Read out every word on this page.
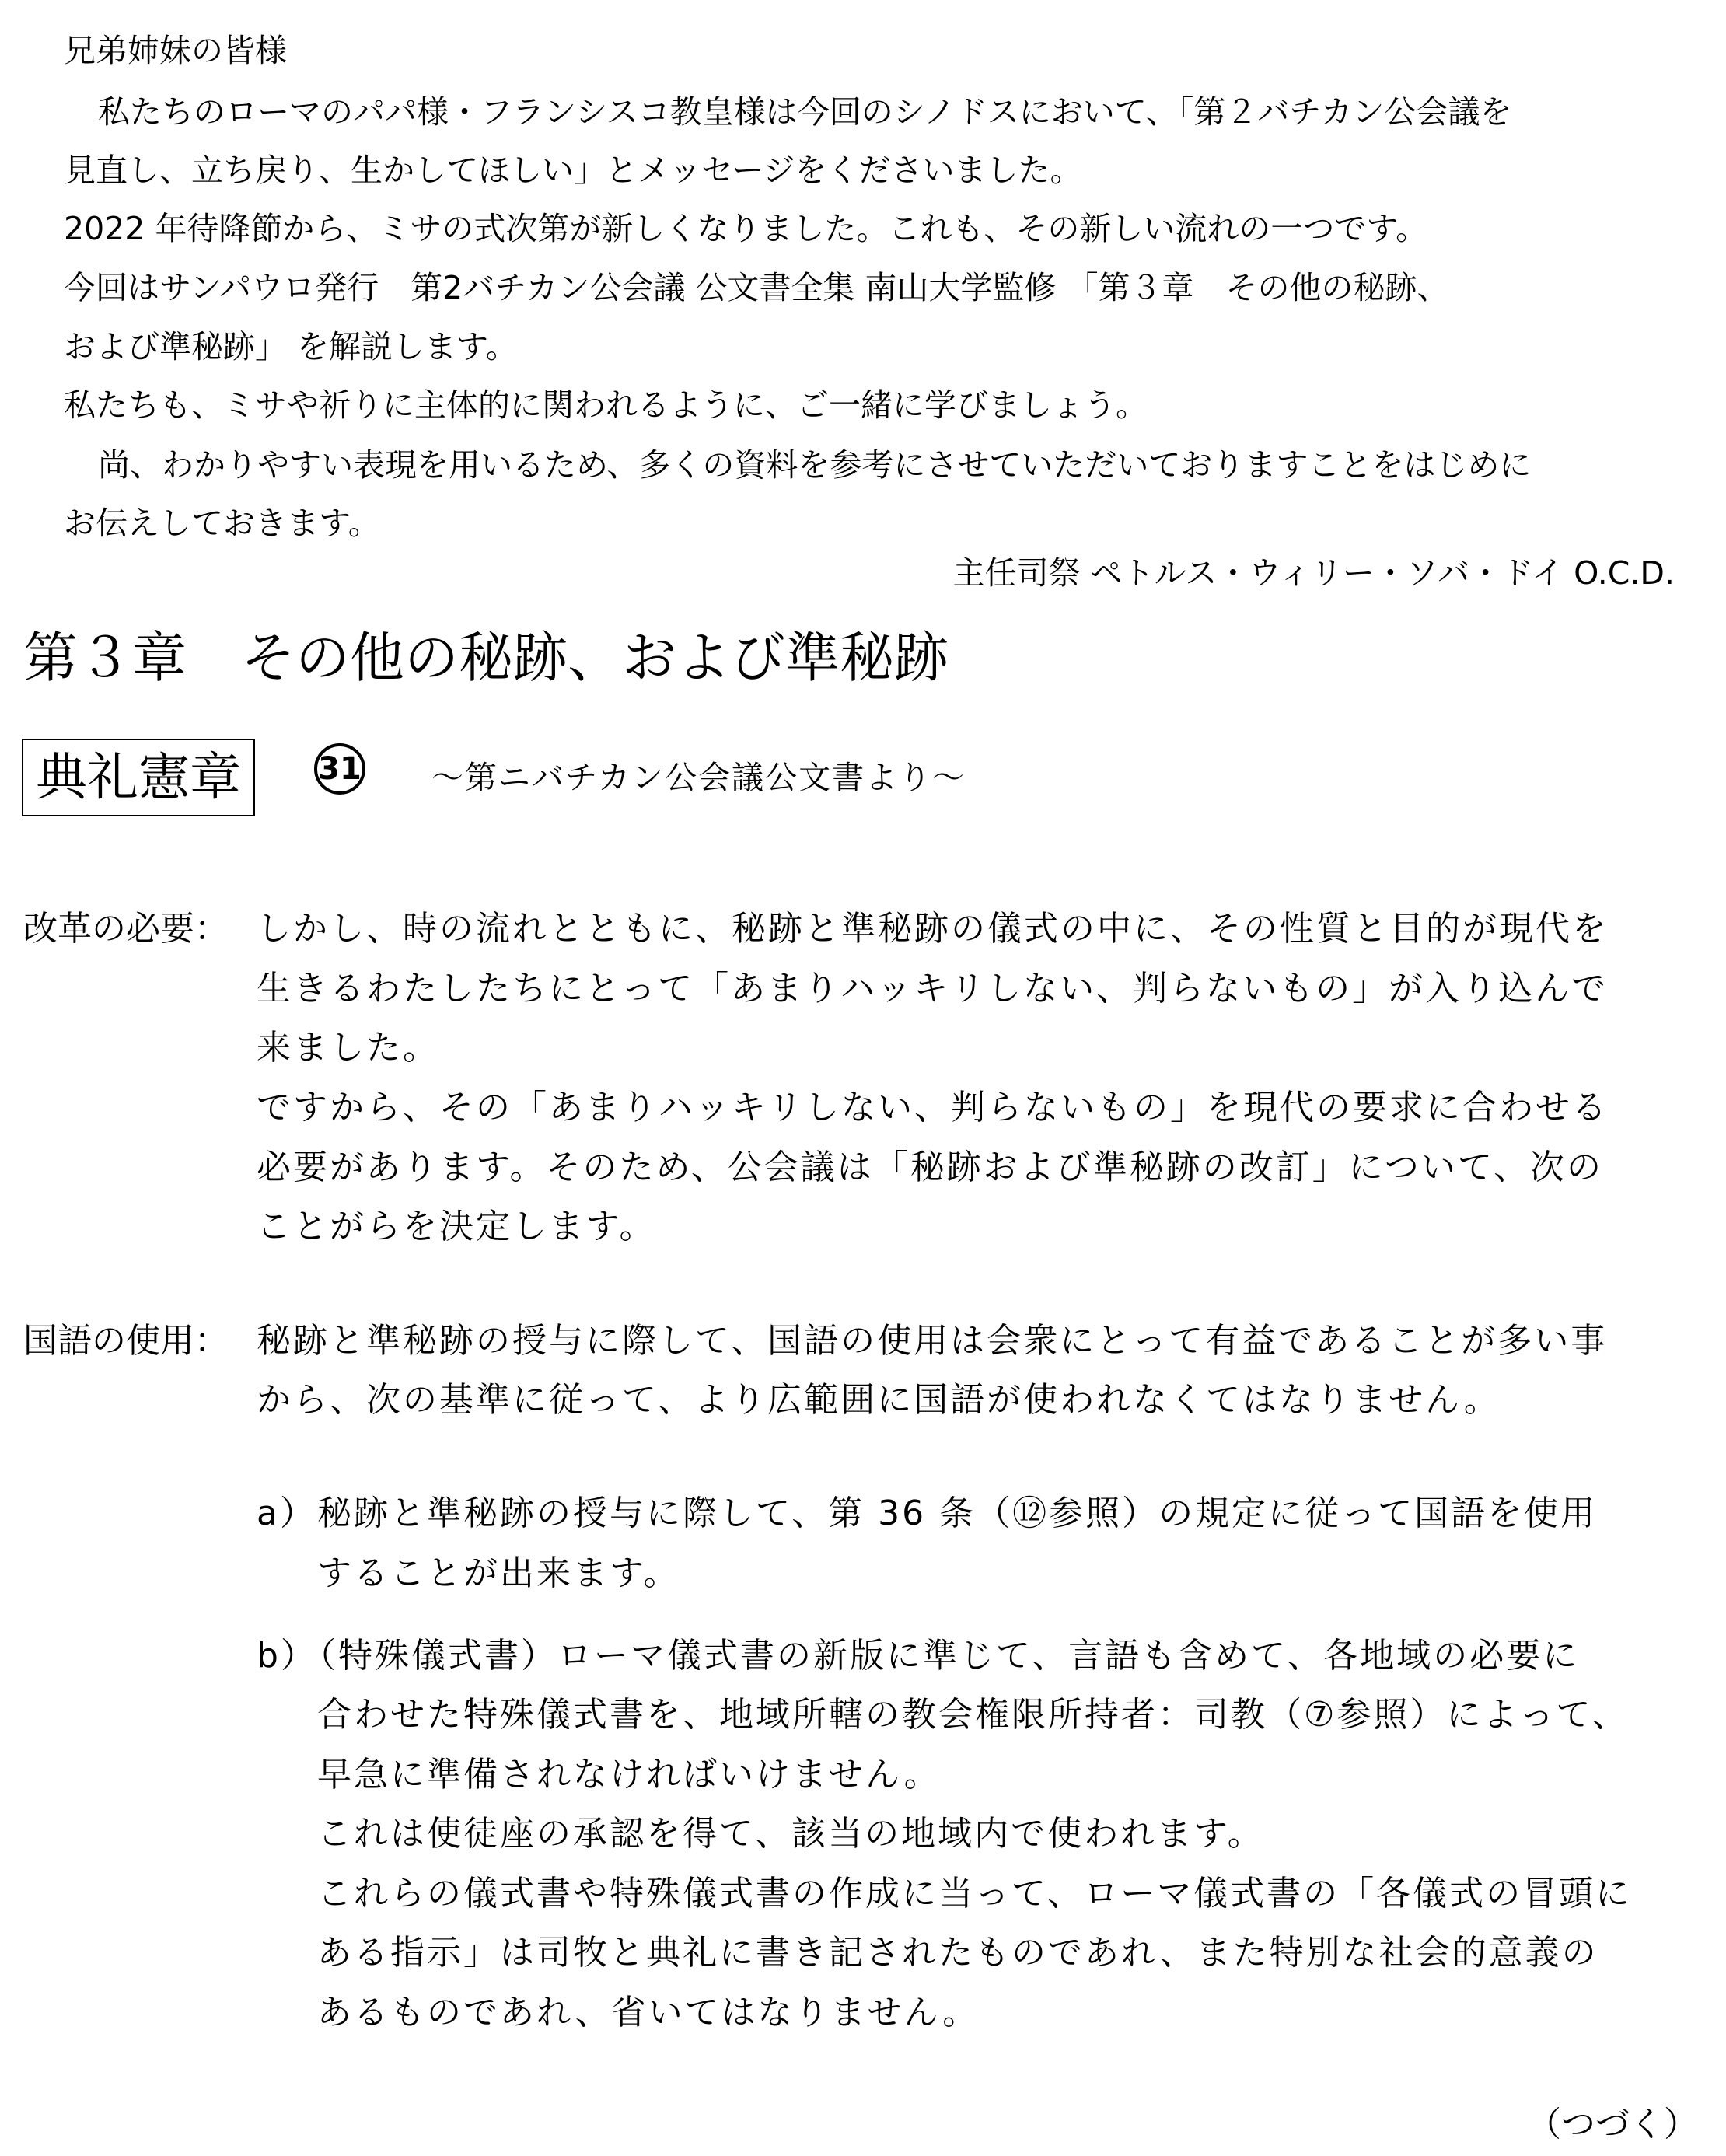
兄弟姉妹の皆様
私たちのローマのパパ様・フランシスコ教皇様は今回のシノドスにおいて、「第２バチカン公会議を
見直し、立ち戻り、生かしてほしい」とメッセージをくださいました。
2022 年待降節から、ミサの式次第が新しくなりました。これも、その新しい流れの一つです。
今回はサンパウロ発行　第2バチカン公会議 公文書全集 南山大学監修 「第３章　その他の秘跡、
および準秘跡」 を解説します。
私たちも、ミサや祈りに主体的に関われるように、ご一緒に学びましょう。
尚、わかりやすい表現を用いるため、多くの資料を参考にさせていただいておりますことをはじめに
お伝えしておきます。
主任司祭 ペトルス・ウィリー・ソバ・ドイ O.C.D.
第３章　その他の秘跡、および準秘跡
典礼憲章	31 ～第ニバチカン公会議公文書より～
改革の必要： しかし、時の流れとともに、秘跡と準秘跡の儀式の中に、その性質と目的が現代を
生きるわたしたちにとって「あまりハッキリしない、判らないもの」が入り込んで
来ました。
ですから、その「あまりハッキリしない、判らないもの」を現代の要求に合わせる
必要があります。そのため、公会議は「秘跡および準秘跡の改訂」について、次の
ことがらを決定します。
国語の使用： 秘跡と準秘跡の授与に際して、国語の使用は会衆にとって有益であることが多い事
から、次の基準に従って、より広範囲に国語が使われなくてはなりません。
a） 秘跡と準秘跡の授与に際して、第 36 条（⑫参照）の規定に従って国語を使用
することが出来ます。
b）
（特殊儀式書）ローマ儀式書の新版に準じて、言語も含めて、各地域の必要に
合わせた特殊儀式書を、地域所轄の教会権限所持者：司教（⑦参照）によって、
早急に準備されなければいけません。
これは使徒座の承認を得て、該当の地域内で使われます。
これらの儀式書や特殊儀式書の作成に当って、ローマ儀式書の「各儀式の冒頭に
ある指示」は司牧と典礼に書き記されたものであれ、また特別な社会的意義の
あるものであれ、省いてはなりません。
（つづく）
